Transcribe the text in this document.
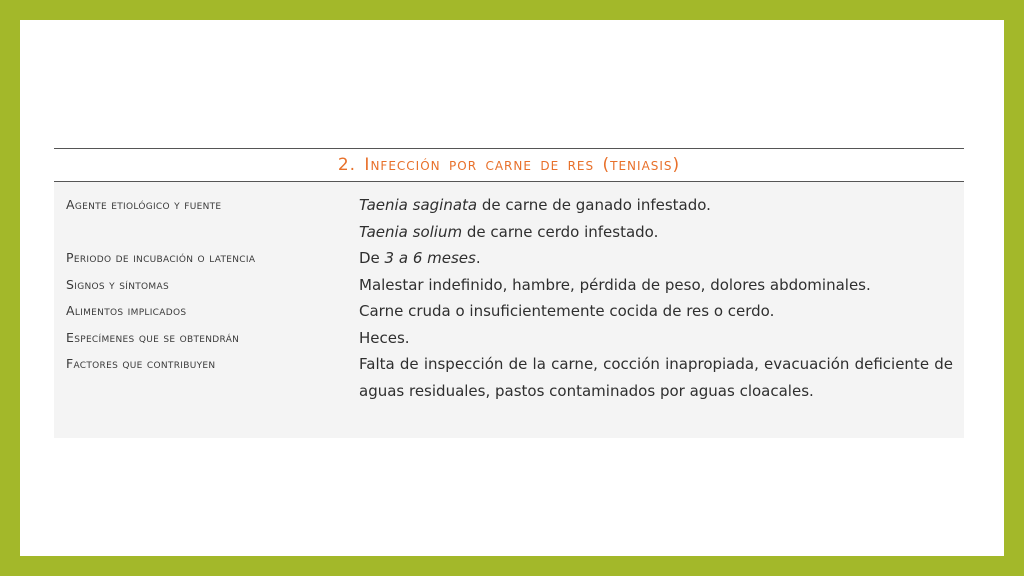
2. Infección por carne de res (teniasis)
Agente etiológico y fuente	Taenia saginata de carne de ganado infestado.
Taenia solium de carne cerdo infestado.
Periodo de incubación o latencia	De 3 a 6 meses.
Signos y síntomas	Malestar indefinido, hambre, pérdida de peso, dolores abdominales.
Alimentos implicados	Carne cruda o insuficientemente cocida de res o cerdo.
Especímenes que se obtendrán	Heces.
Factores que contribuyen	Falta de inspección de la carne, cocción inapropiada, evacuación deficiente de aguas residuales, pastos contaminados por aguas cloacales.
